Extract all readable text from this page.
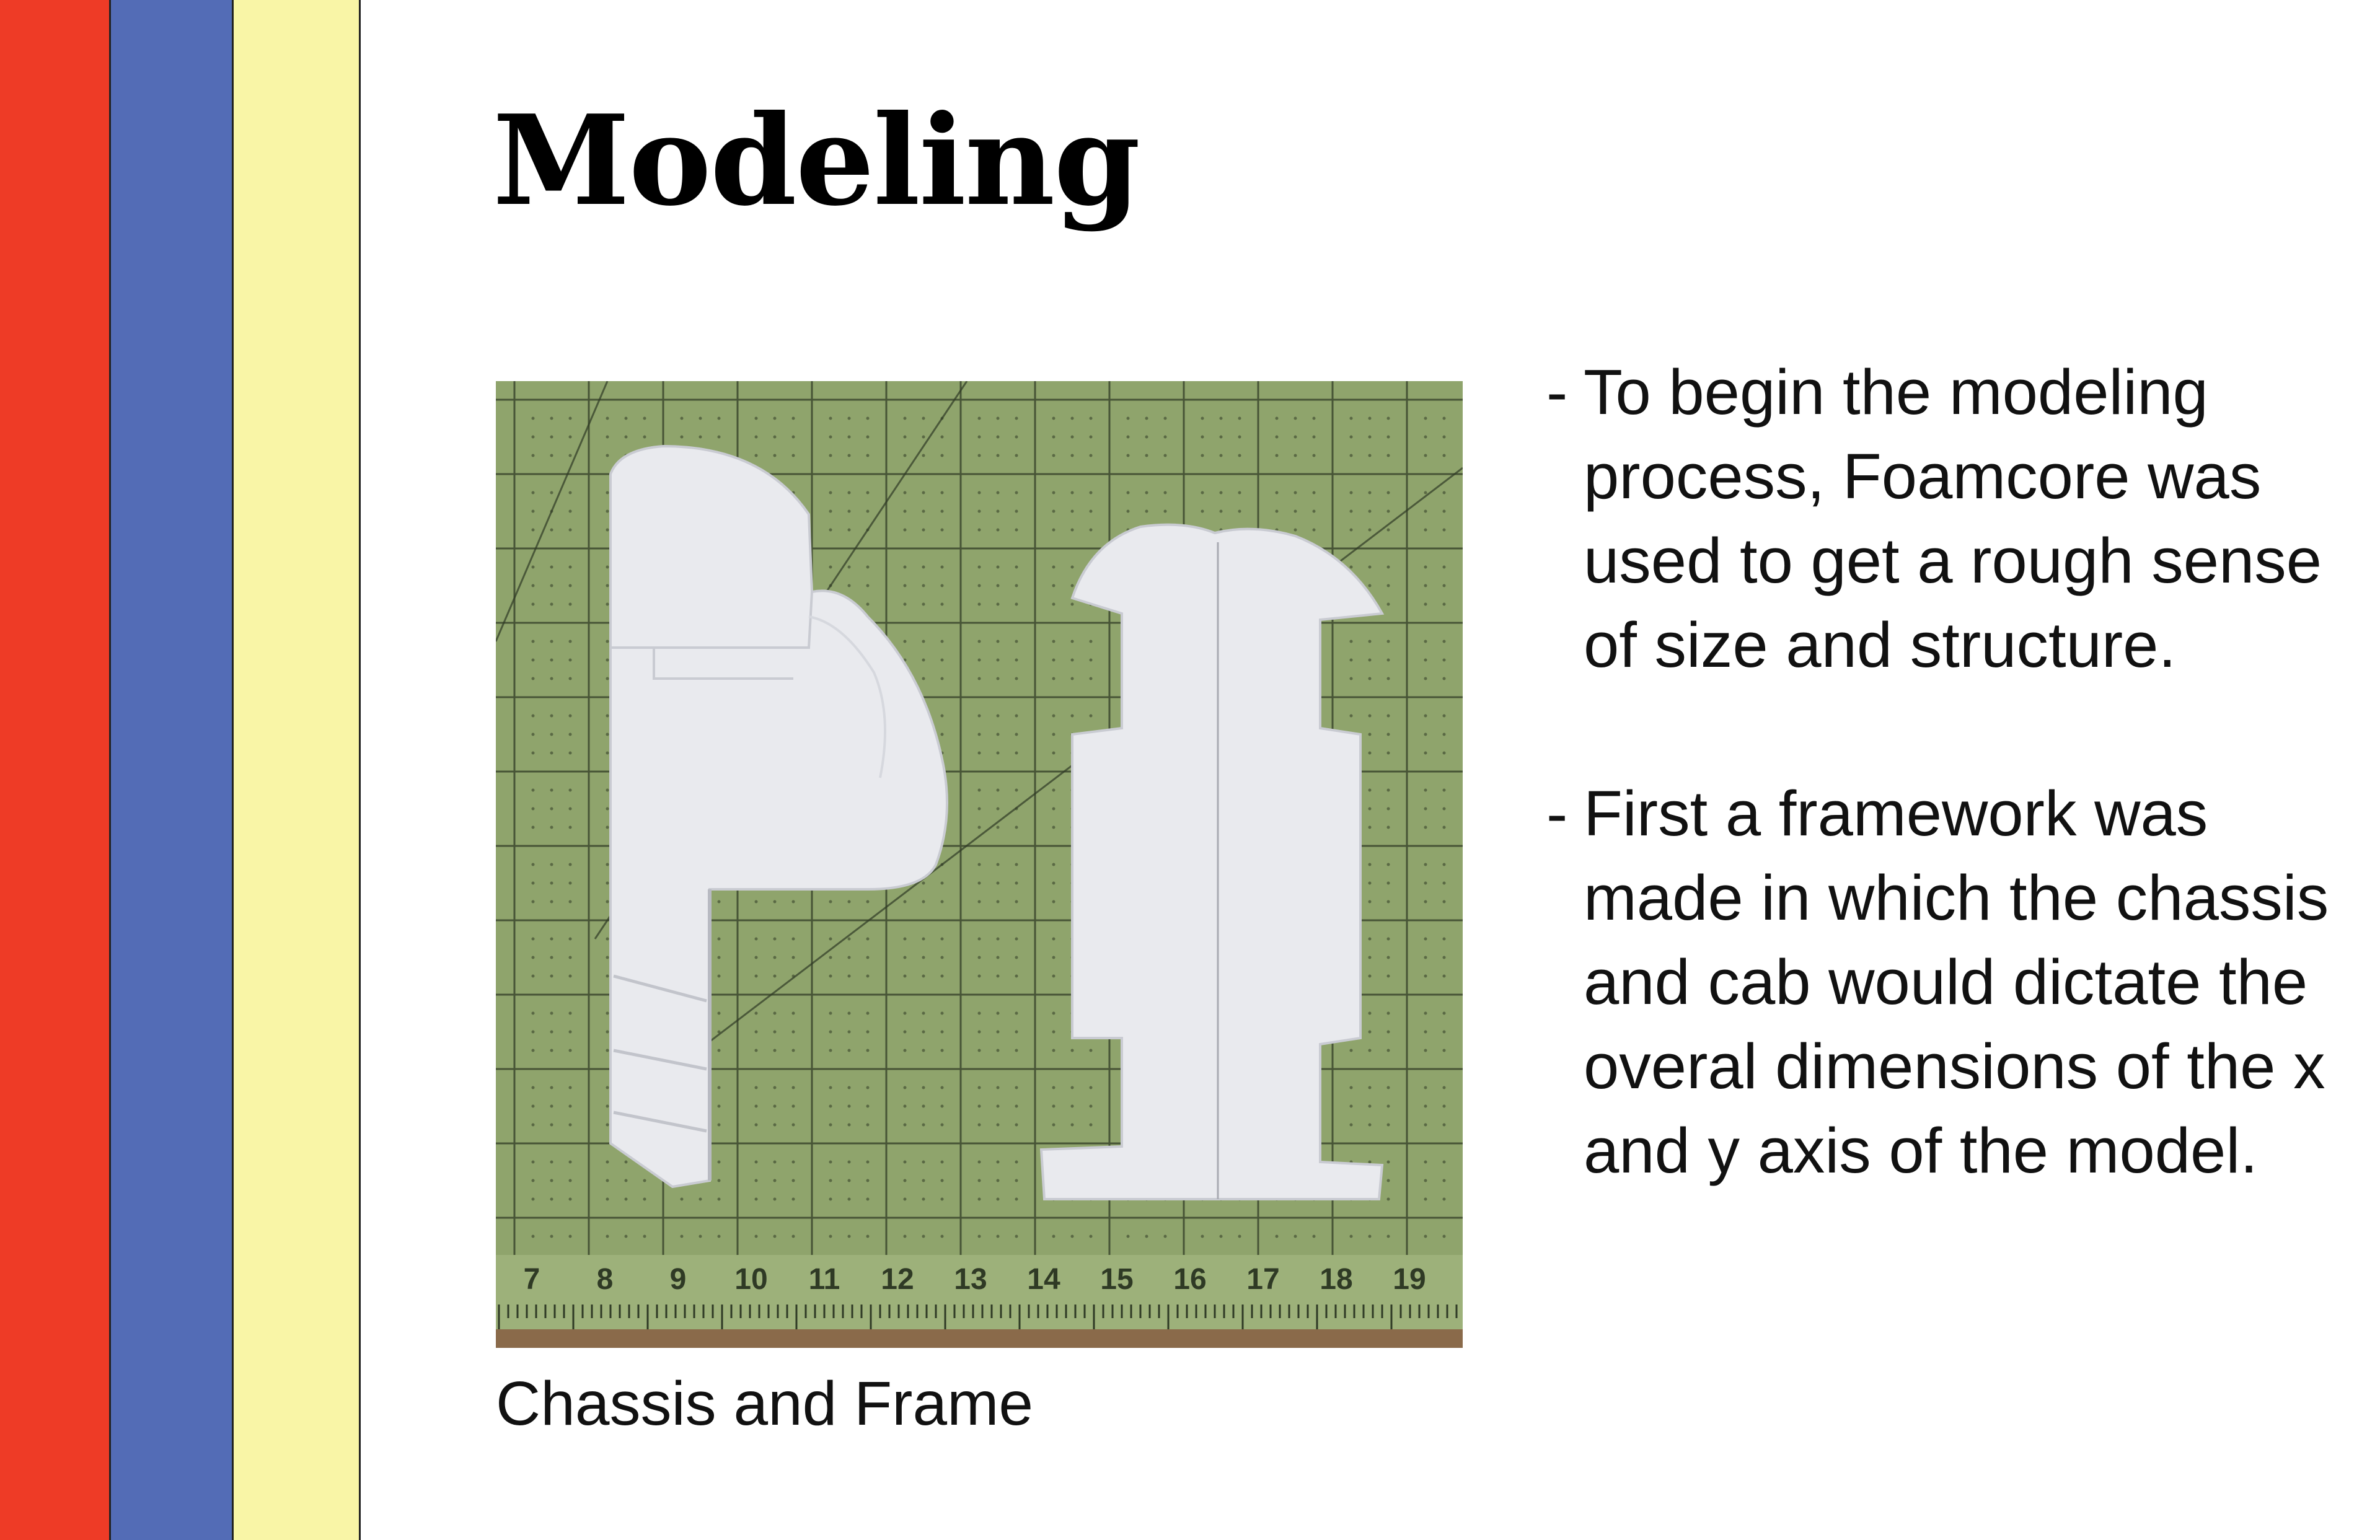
Modeling
7 8 9 10 11 12 13 14 15 16 17 18 19

Chassis and Frame

- To begin the modeling process, Foamcore was used to get a rough sense of size and structure.
- First a framework was made in which the chassis and cab would dictate the overal dimensions of the x and y axis of the model.
